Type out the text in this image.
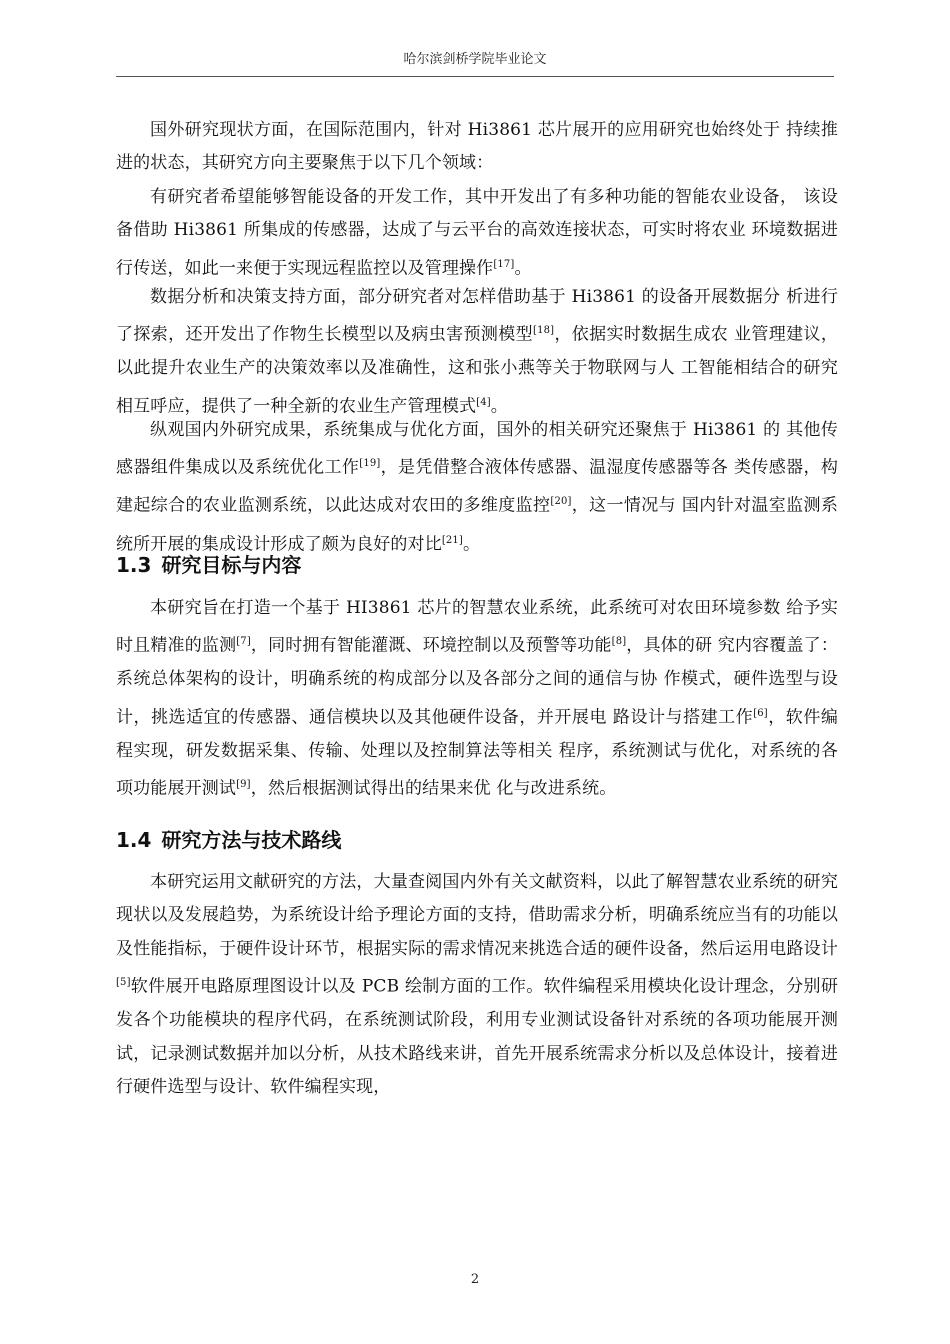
哈尔滨剑桥学院毕业论文

国外研究现状方面，在国际范围内，针对 Hi3861 芯片展开的应用研究也始终处于 持续推进的状态，其研究方向主要聚焦于以下几个领域：

有研究者希望能够智能设备的开发工作，其中开发出了有多种功能的智能农业设备， 该设备借助 Hi3861 所集成的传感器，达成了与云平台的高效连接状态，可实时将农业 环境数据进行传送，如此一来便于实现远程监控以及管理操作[17]。

数据分析和决策支持方面，部分研究者对怎样借助基于 Hi3861 的设备开展数据分 析进行了探索，还开发出了作物生长模型以及病虫害预测模型[18]，依据实时数据生成农 业管理建议，以此提升农业生产的决策效率以及准确性，这和张小燕等关于物联网与人 工智能相结合的研究相互呼应，提供了一种全新的农业生产管理模式[4]。

纵观国内外研究成果，系统集成与优化方面，国外的相关研究还聚焦于 Hi3861 的 其他传感器组件集成以及系统优化工作[19]，是凭借整合液体传感器、温湿度传感器等各 类传感器，构建起综合的农业监测系统，以此达成对农田的多维度监控[20]，这一情况与 国内针对温室监测系统所开展的集成设计形成了颇为良好的对比[21]。

1.3 研究目标与内容

本研究旨在打造一个基于 HI3861 芯片的智慧农业系统，此系统可对农田环境参数 给予实时且精准的监测[7]，同时拥有智能灌溉、环境控制以及预警等功能[8]，具体的研 究内容覆盖了：系统总体架构的设计，明确系统的构成部分以及各部分之间的通信与协 作模式，硬件选型与设计，挑选适宜的传感器、通信模块以及其他硬件设备，并开展电 路设计与搭建工作[6]，软件编程实现，研发数据采集、传输、处理以及控制算法等相关 程序，系统测试与优化，对系统的各项功能展开测试[9]，然后根据测试得出的结果来优 化与改进系统。

1.4 研究方法与技术路线

本研究运用文献研究的方法，大量查阅国内外有关文献资料，以此了解智慧农业系统的研究现状以及发展趋势，为系统设计给予理论方面的支持，借助需求分析，明确系统应当有的功能以及性能指标，于硬件设计环节，根据实际的需求情况来挑选合适的硬件设备，然后运用电路设计[5]软件展开电路原理图设计以及 PCB 绘制方面的工作。软件编程采用模块化设计理念，分别研发各个功能模块的程序代码，在系统测试阶段，利用专业测试设备针对系统的各项功能展开测试，记录测试数据并加以分析，从技术路线来讲，首先开展系统需求分析以及总体设计，接着进行硬件选型与设计、软件编程实现，

2
